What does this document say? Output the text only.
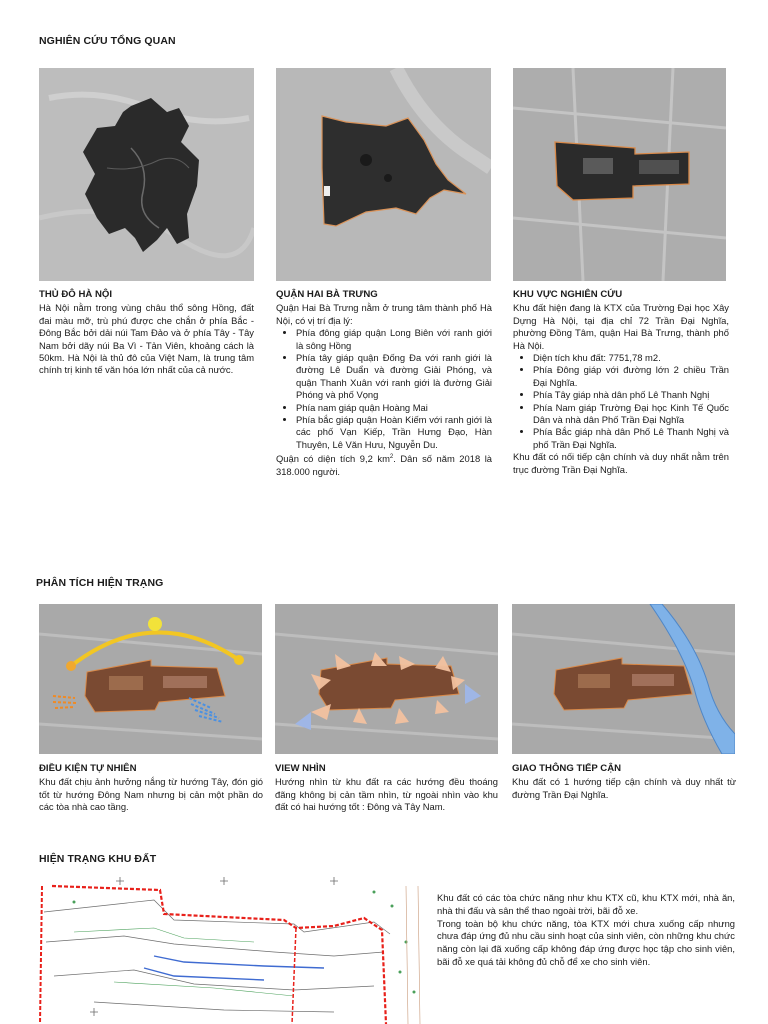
NGHIÊN CỨU TỔNG QUAN
THỦ ĐÔ HÀ NỘI

Hà Nội nằm trong vùng châu thổ sông Hồng, đất đai màu mỡ, trù phú được che chắn ở phía Bắc - Đông Bắc bởi dải núi Tam Đảo và ở phía Tây - Tây Nam bởi dãy núi Ba Vì - Tản Viên, khoảng cách là 50km. Hà Nội là thủ đô của Việt Nam, là trung tâm chính trị kinh tế văn hóa lớn nhất của cả nước.

QUẬN HAI BÀ TRƯNG

Quận Hai Bà Trưng nằm ở trung tâm thành phố Hà Nội, có vị trí địa lý:

• Phía đông giáp quận Long Biên với ranh giới là sông Hồng
• Phía tây giáp quận Đống Đa với ranh giới là đường Lê Duẩn và đường Giải Phóng, và quận Thanh Xuân với ranh giới là đường Giải Phóng và phố Vọng
• Phía nam giáp quận Hoàng Mai
• Phía bắc giáp quận Hoàn Kiếm với ranh giới là các phố Vạn Kiếp, Trần Hưng Đạo, Hàn Thuyên, Lê Văn Hưu, Nguyễn Du.

Quận có diện tích 9,2 $km^2$. Dân số năm 2018 là 318.000 người.

KHU VỰC NGHIÊN CỨU

Khu đất hiện đang là KTX của Trường Đại học Xây Dựng Hà Nội, tại địa chỉ 72 Trần Đại Nghĩa, phường Đồng Tâm, quận Hai Bà Trưng, thành phố Hà Nội.

• Diện tích khu đất: 7751,78 m2.
• Phía Đông giáp với đường lớn 2 chiều Trần Đại Nghĩa.
• Phía Tây giáp nhà dân phố Lê Thanh Nghị
• Phía Nam giáp Trường Đại học Kinh Tế Quốc Dân và nhà dân Phố Trần Đại Nghĩa
• Phía Bắc giáp nhà dân Phố Lê Thanh Nghị và phố Trần Đại Nghĩa.

Khu đất có nối tiếp cận chính và duy nhất nằm trên trục đường Trần Đại Nghĩa.

PHÂN TÍCH HIỆN TRẠNG
ĐIỀU KIỆN TỰ NHIÊN

Khu đất chịu ảnh hưởng nắng từ hướng Tây, đón gió tốt từ hướng Đông Nam nhưng bị cản một phần do các tòa nhà cao tầng.

VIEW NHÌN

Hướng nhìn từ khu đất ra các hướng đều thoáng đãng không bị cản tầm nhìn, từ ngoài nhìn vào khu đất có hai hướng tốt : Đông và Tây Nam.

GIAO THÔNG TIẾP CẬN

Khu đất có 1 hướng tiếp cận chính và duy nhất từ đường Trần Đại Nghĩa.

HIỆN TRẠNG KHU ĐẤT

Khu đất có các tòa chức năng như khu KTX cũ, khu KTX mới, nhà ăn, nhà thi đấu và sân thể thao ngoài trời, bãi đỗ xe.

Trong toàn bộ khu chức năng, tòa KTX mới chưa xuống cấp nhưng chưa đáp ứng đủ nhu cầu sinh hoạt của sinh viên, còn những khu chức năng còn lại đã xuống cấp không đáp ứng được học tập cho sinh viên, bãi đỗ xe quá tải không đủ chỗ để xe cho sinh viên.
